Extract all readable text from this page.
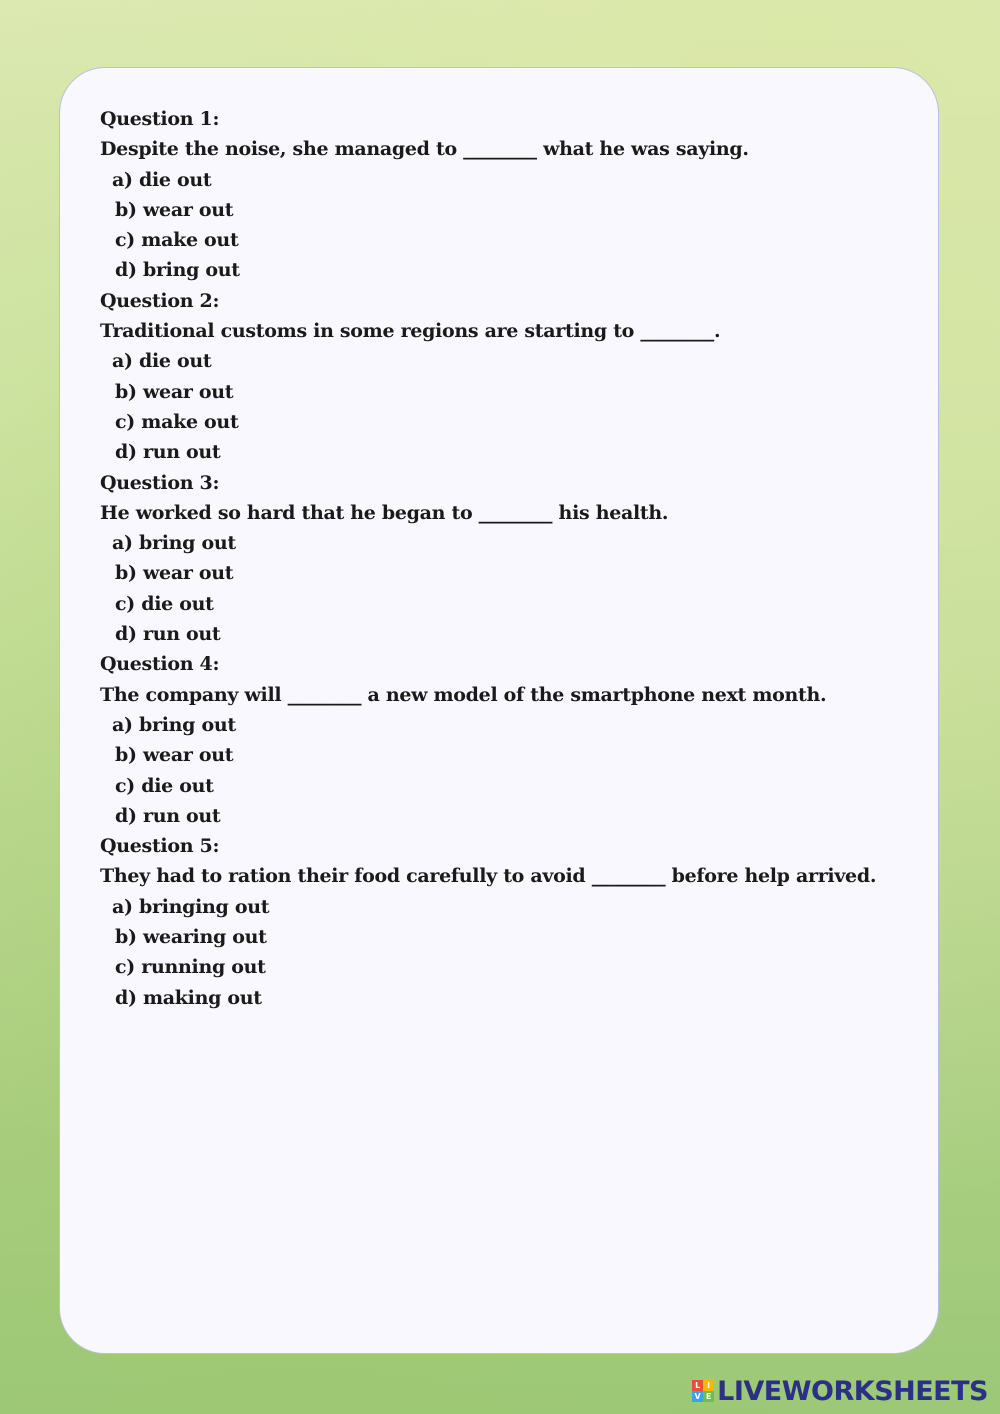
Question 1:
Despite the noise, she managed to ________ what he was saying.
a) die out
b) wear out
c) make out
d) bring out
Question 2:
Traditional customs in some regions are starting to ________.
a) die out
b) wear out
c) make out
d) run out
Question 3:
He worked so hard that he began to ________ his health.
a) bring out
b) wear out
c) die out
d) run out
Question 4:
The company will ________ a new model of the smartphone next month.
a) bring out
b) wear out
c) die out
d) run out
Question 5:
They had to ration their food carefully to avoid ________ before help arrived.
a) bringing out
b) wearing out
c) running out
d) making out
L I
V E LIVEWORKSHEETS
